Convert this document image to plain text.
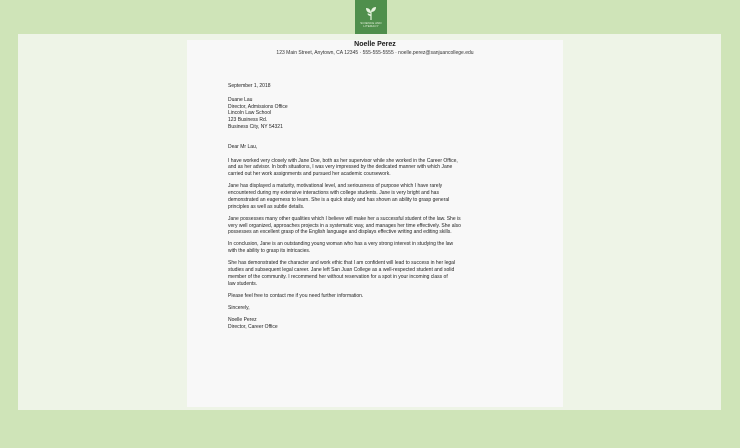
SCIENCE AND
LITERACY
Noelle Perez
123 Main Street, Anytown, CA 12345 · 555-555-5555 · noelle.perez@sanjuancollege.edu

September 1, 2018

Duane Lau
Director, Admissions Office
Lincoln Law School
123 Business Rd.
Business City, NY 54321

Dear Mr Lau,

I have worked very closely with Jane Doe, both as her supervisor while she worked in the Career Office,
and as her advisor. In both situations, I was very impressed by the dedicated manner with which Jane
carried out her work assignments and pursued her academic coursework.

Jane has displayed a maturity, motivational level, and seriousness of purpose which I have rarely
encountered during my extensive interactions with college students. Jane is very bright and has
demonstrated an eagerness to learn. She is a quick study and has shown an ability to grasp general
principles as well as subtle details.

Jane possesses many other qualities which I believe will make her a successful student of the law. She is
very well organized, approaches projects in a systematic way, and manages her time effectively. She also
possesses an excellent grasp of the English language and displays effective writing and editing skills.

In conclusion, Jane is an outstanding young woman who has a very strong interest in studying the law
with the ability to grasp its intricacies.

She has demonstrated the character and work ethic that I am confident will lead to success in her legal
studies and subsequent legal career. Jane left San Juan College as a well-respected student and solid
member of the community. I recommend her without reservation for a spot in your incoming class of
law students.

Please feel free to contact me if you need further information.

Sincerely,

Noelle Perez
Director, Career Office
